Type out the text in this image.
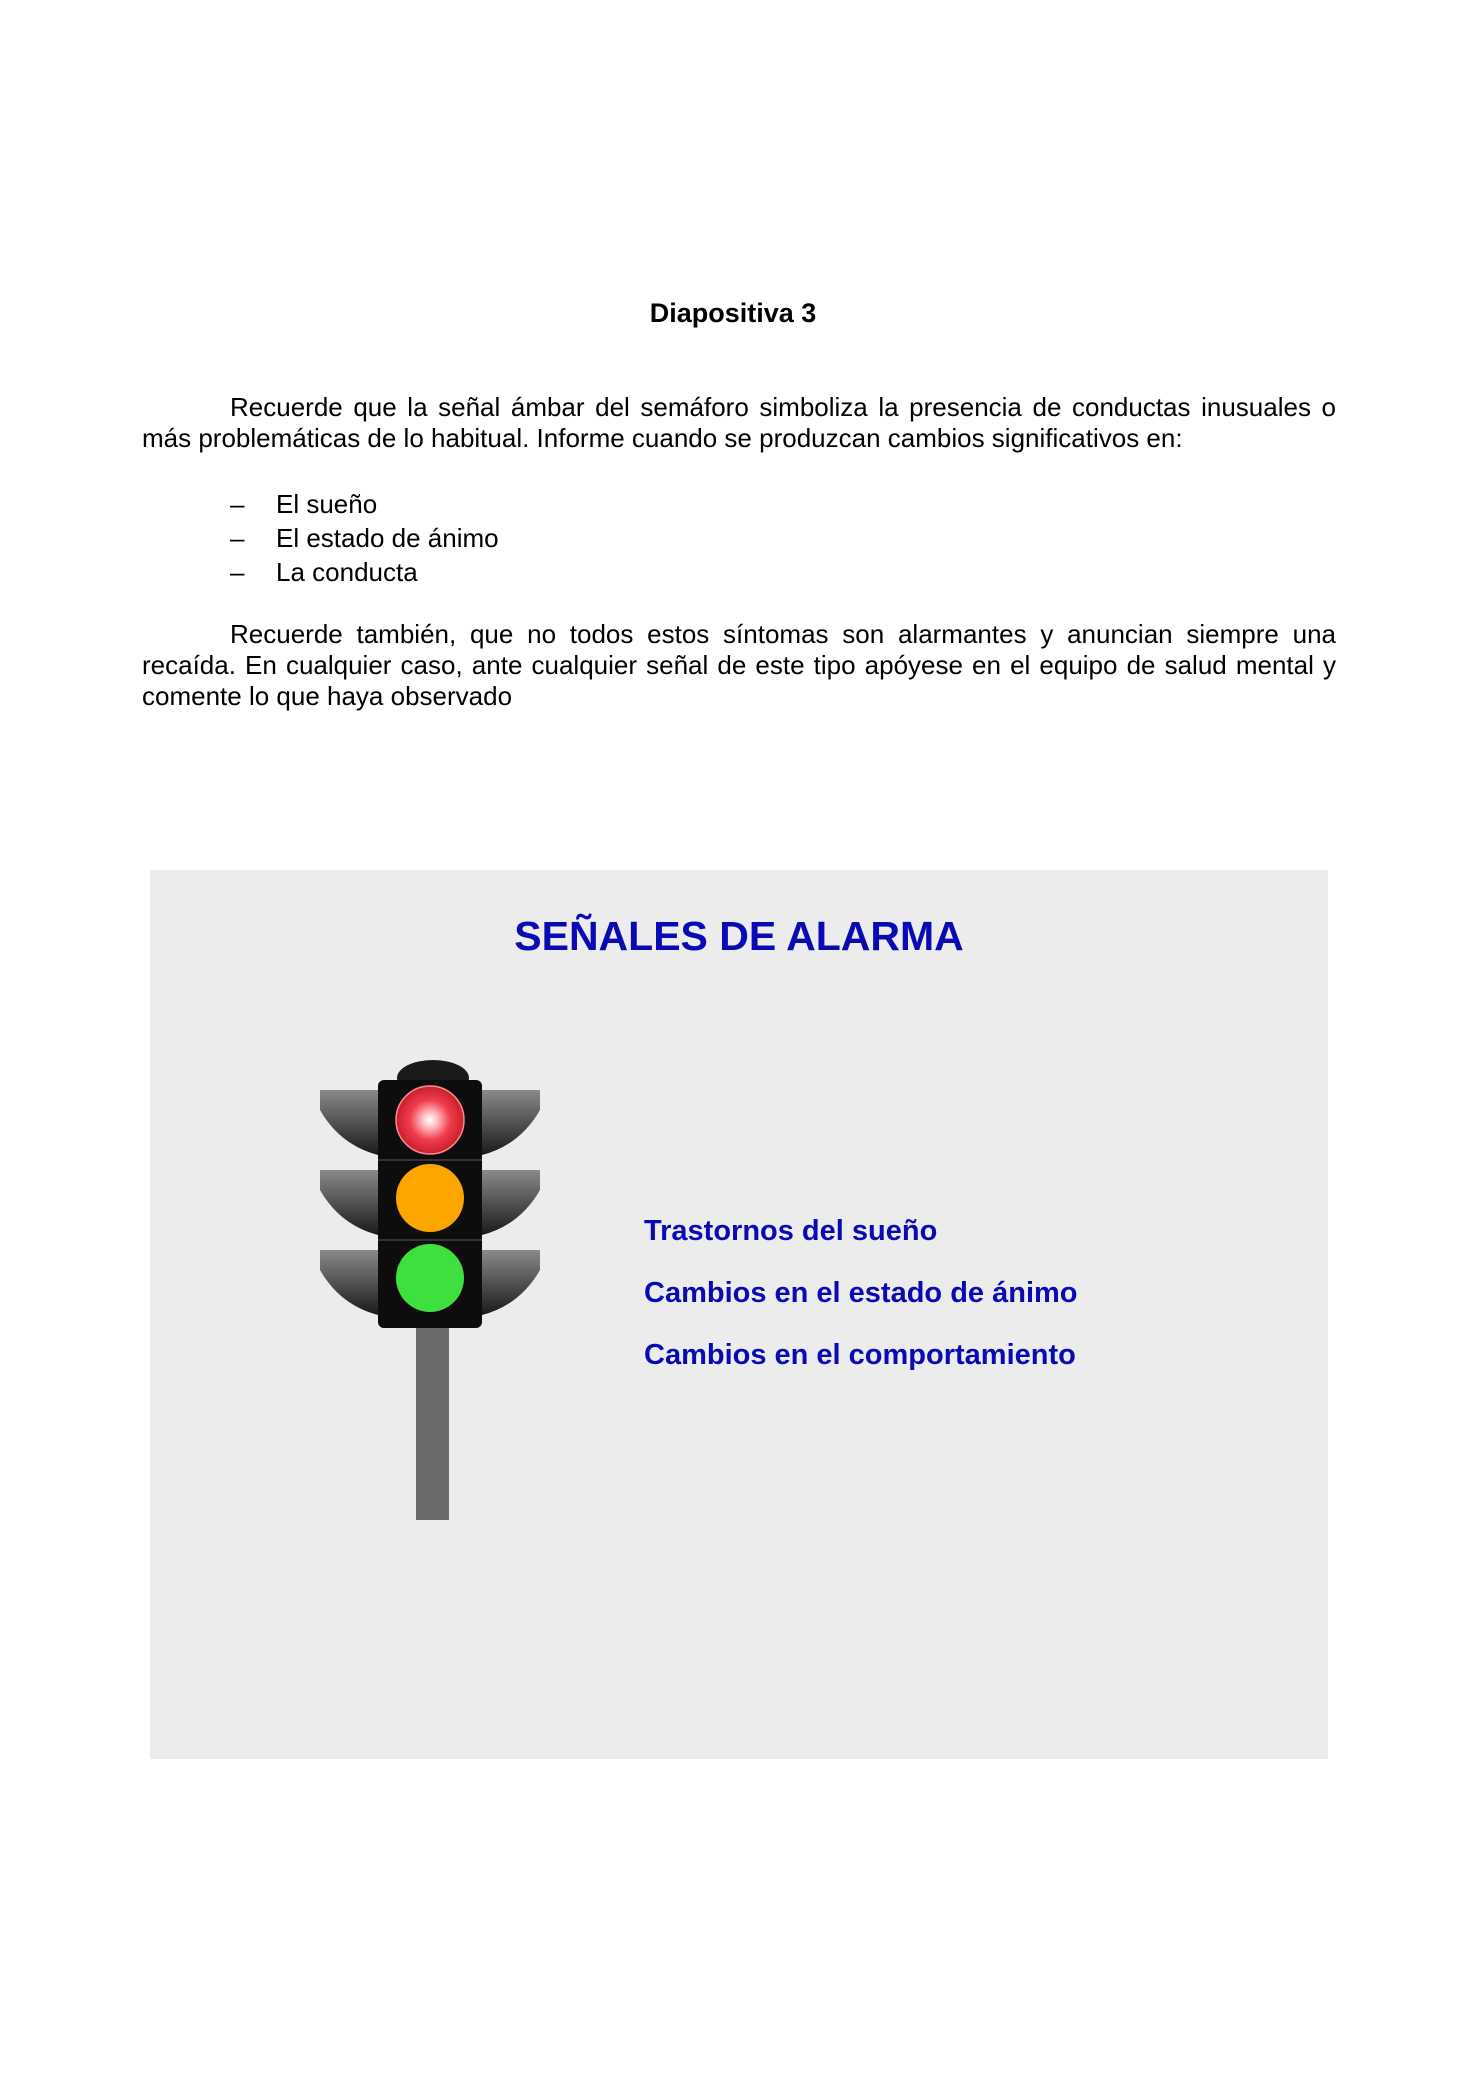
Diapositiva 3

Recuerde que la señal ámbar del semáforo simboliza la presencia de conductas inusuales o más problemáticas de lo habitual. Informe cuando se produzcan cambios significativos en:

–	El sueño
–	El estado de ánimo
–	La conducta

Recuerde también, que no todos estos síntomas son alarmantes y anuncian siempre una recaída. En cualquier caso, ante cualquier señal de este tipo apóyese en el equipo de salud mental y comente lo que haya observado

SEÑALES DE ALARMA
Trastornos del sueño
Cambios en el estado de ánimo
Cambios en el comportamiento
